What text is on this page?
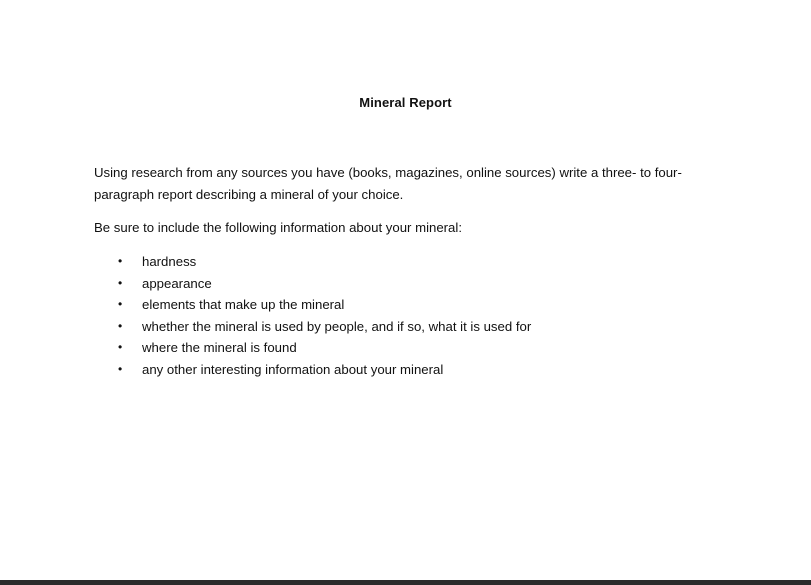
Mineral Report

Using research from any sources you have (books, magazines, online sources) write a three- to four-paragraph report describing a mineral of your choice.

Be sure to include the following information about your mineral:

• hardness
• appearance
• elements that make up the mineral
• whether the mineral is used by people, and if so, what it is used for
• where the mineral is found
• any other interesting information about your mineral
